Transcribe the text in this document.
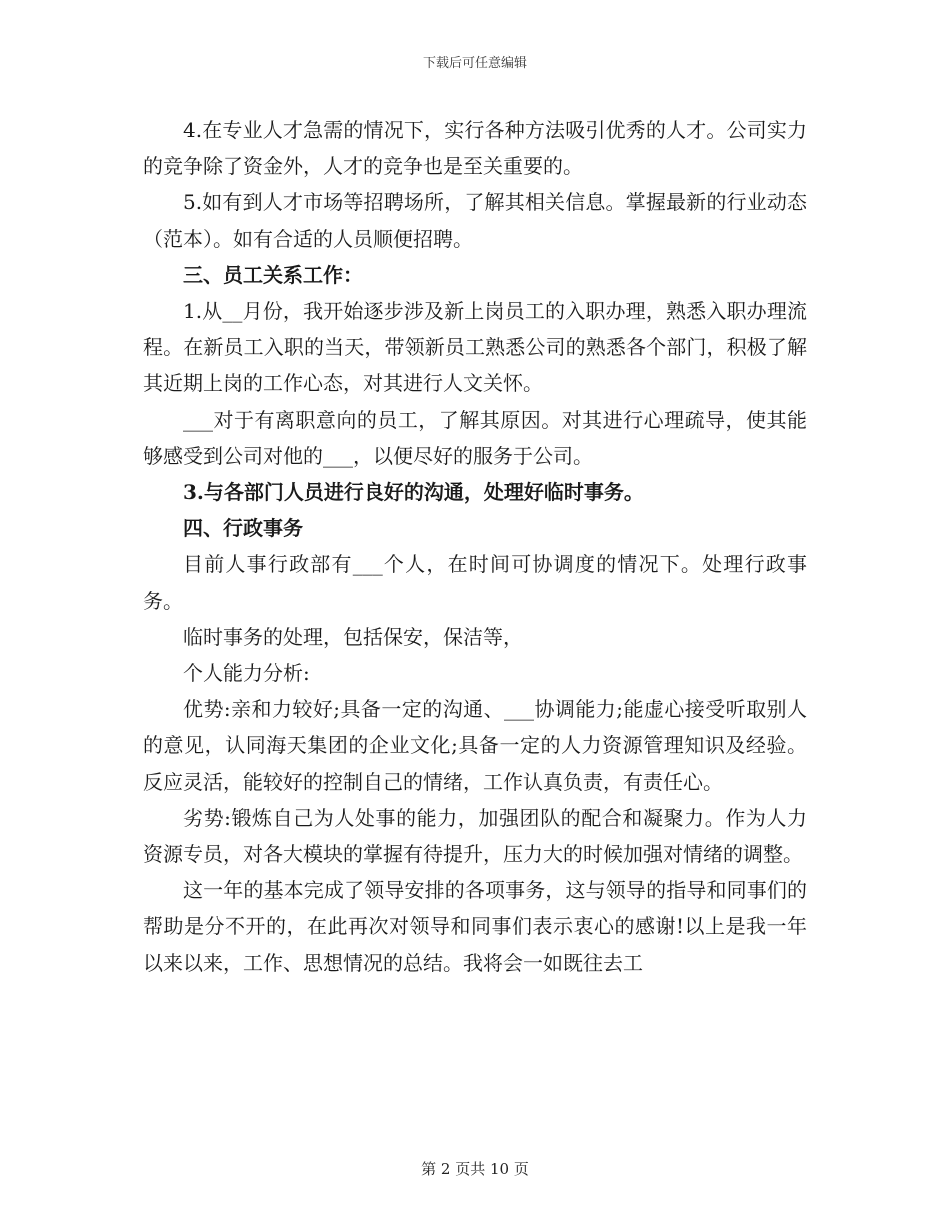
下载后可任意编辑

4.在专业人才急需的情况下，实行各种方法吸引优秀的人才。公司实力的竞争除了资金外，人才的竞争也是至关重要的。

5.如有到人才市场等招聘场所，了解其相关信息。掌握最新的行业动态（范本）。如有合适的人员顺便招聘。

三、员工关系工作：

1.从__月份，我开始逐步涉及新上岗员工的入职办理，熟悉入职办理流程。在新员工入职的当天，带领新员工熟悉公司的熟悉各个部门，积极了解其近期上岗的工作心态，对其进行人文关怀。

___对于有离职意向的员工，了解其原因。对其进行心理疏导，使其能够感受到公司对他的___，以便尽好的服务于公司。

3.与各部门人员进行良好的沟通，处理好临时事务。

四、行政事务

目前人事行政部有___个人，在时间可协调度的情况下。处理行政事务。

临时事务的处理，包括保安，保洁等，

个人能力分析:

优势:亲和力较好;具备一定的沟通、___协调能力;能虚心接受听取别人的意见，认同海天集团的企业文化;具备一定的人力资源管理知识及经验。反应灵活，能较好的控制自己的情绪，工作认真负责，有责任心。

劣势:锻炼自己为人处事的能力，加强团队的配合和凝聚力。作为人力资源专员，对各大模块的掌握有待提升，压力大的时候加强对情绪的调整。

这一年的基本完成了领导安排的各项事务，这与领导的指导和同事们的帮助是分不开的，在此再次对领导和同事们表示衷心的感谢!以上是我一年以来以来，工作、思想情况的总结。我将会一如既往去工

第 2 页共 10 页
